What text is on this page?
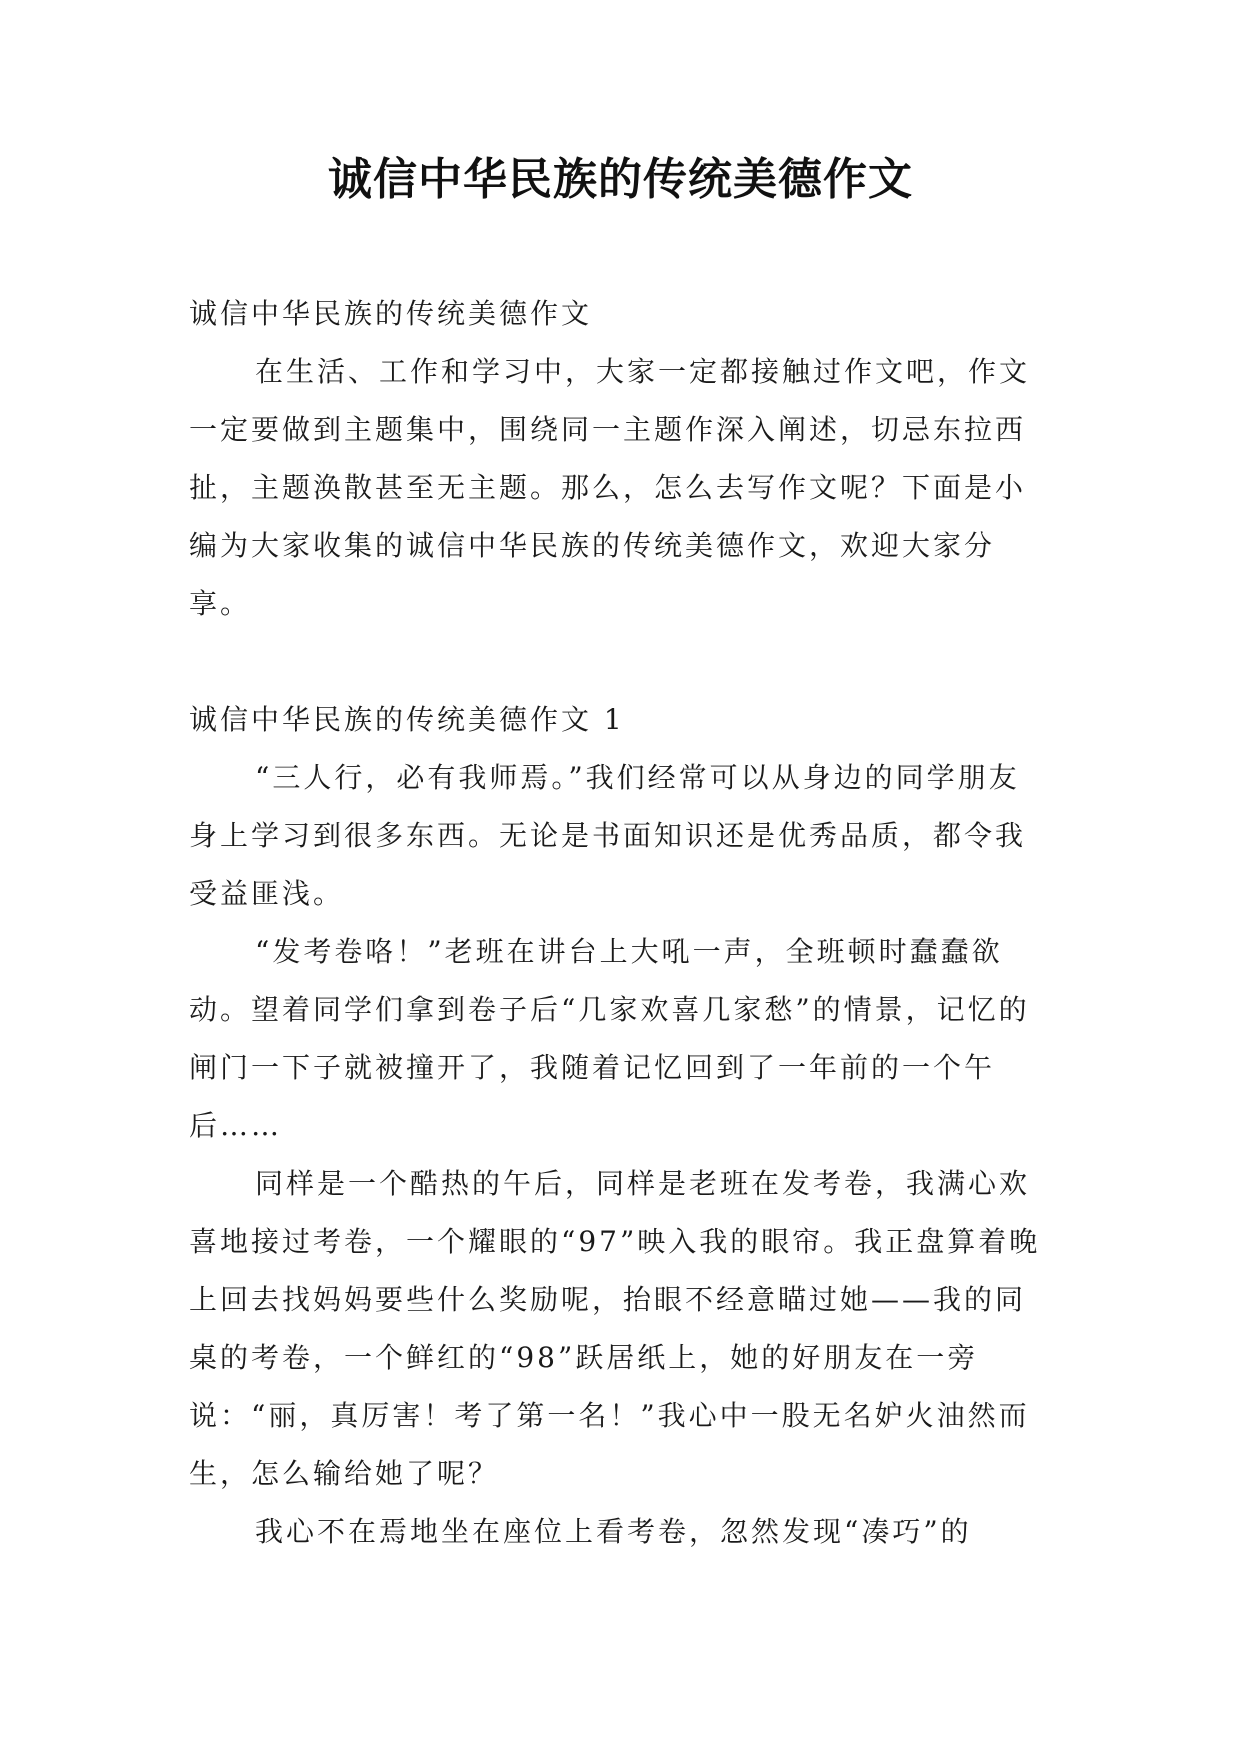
诚信中华民族的传统美德作文

诚信中华民族的传统美德作文

在生活、工作和学习中，大家一定都接触过作文吧，作文一定要做到主题集中，围绕同一主题作深入阐述，切忌东拉西扯，主题涣散甚至无主题。那么，怎么去写作文呢？下面是小编为大家收集的诚信中华民族的传统美德作文，欢迎大家分享。

诚信中华民族的传统美德作文 1

“三人行，必有我师焉。”我们经常可以从身边的同学朋友身上学习到很多东西。无论是书面知识还是优秀品质，都令我受益匪浅。

“发考卷咯！”老班在讲台上大吼一声，全班顿时蠢蠢欲动。望着同学们拿到卷子后“几家欢喜几家愁”的情景，记忆的闸门一下子就被撞开了，我随着记忆回到了一年前的一个午后……

同样是一个酷热的午后，同样是老班在发考卷，我满心欢喜地接过考卷，一个耀眼的“97”映入我的眼帘。我正盘算着晚上回去找妈妈要些什么奖励呢，抬眼不经意瞄过她——我的同桌的考卷，一个鲜红的“98”跃居纸上，她的好朋友在一旁说：“丽，真厉害！考了第一名！”我心中一股无名妒火油然而生，怎么输给她了呢？

我心不在焉地坐在座位上看考卷，忽然发现“凑巧”的
